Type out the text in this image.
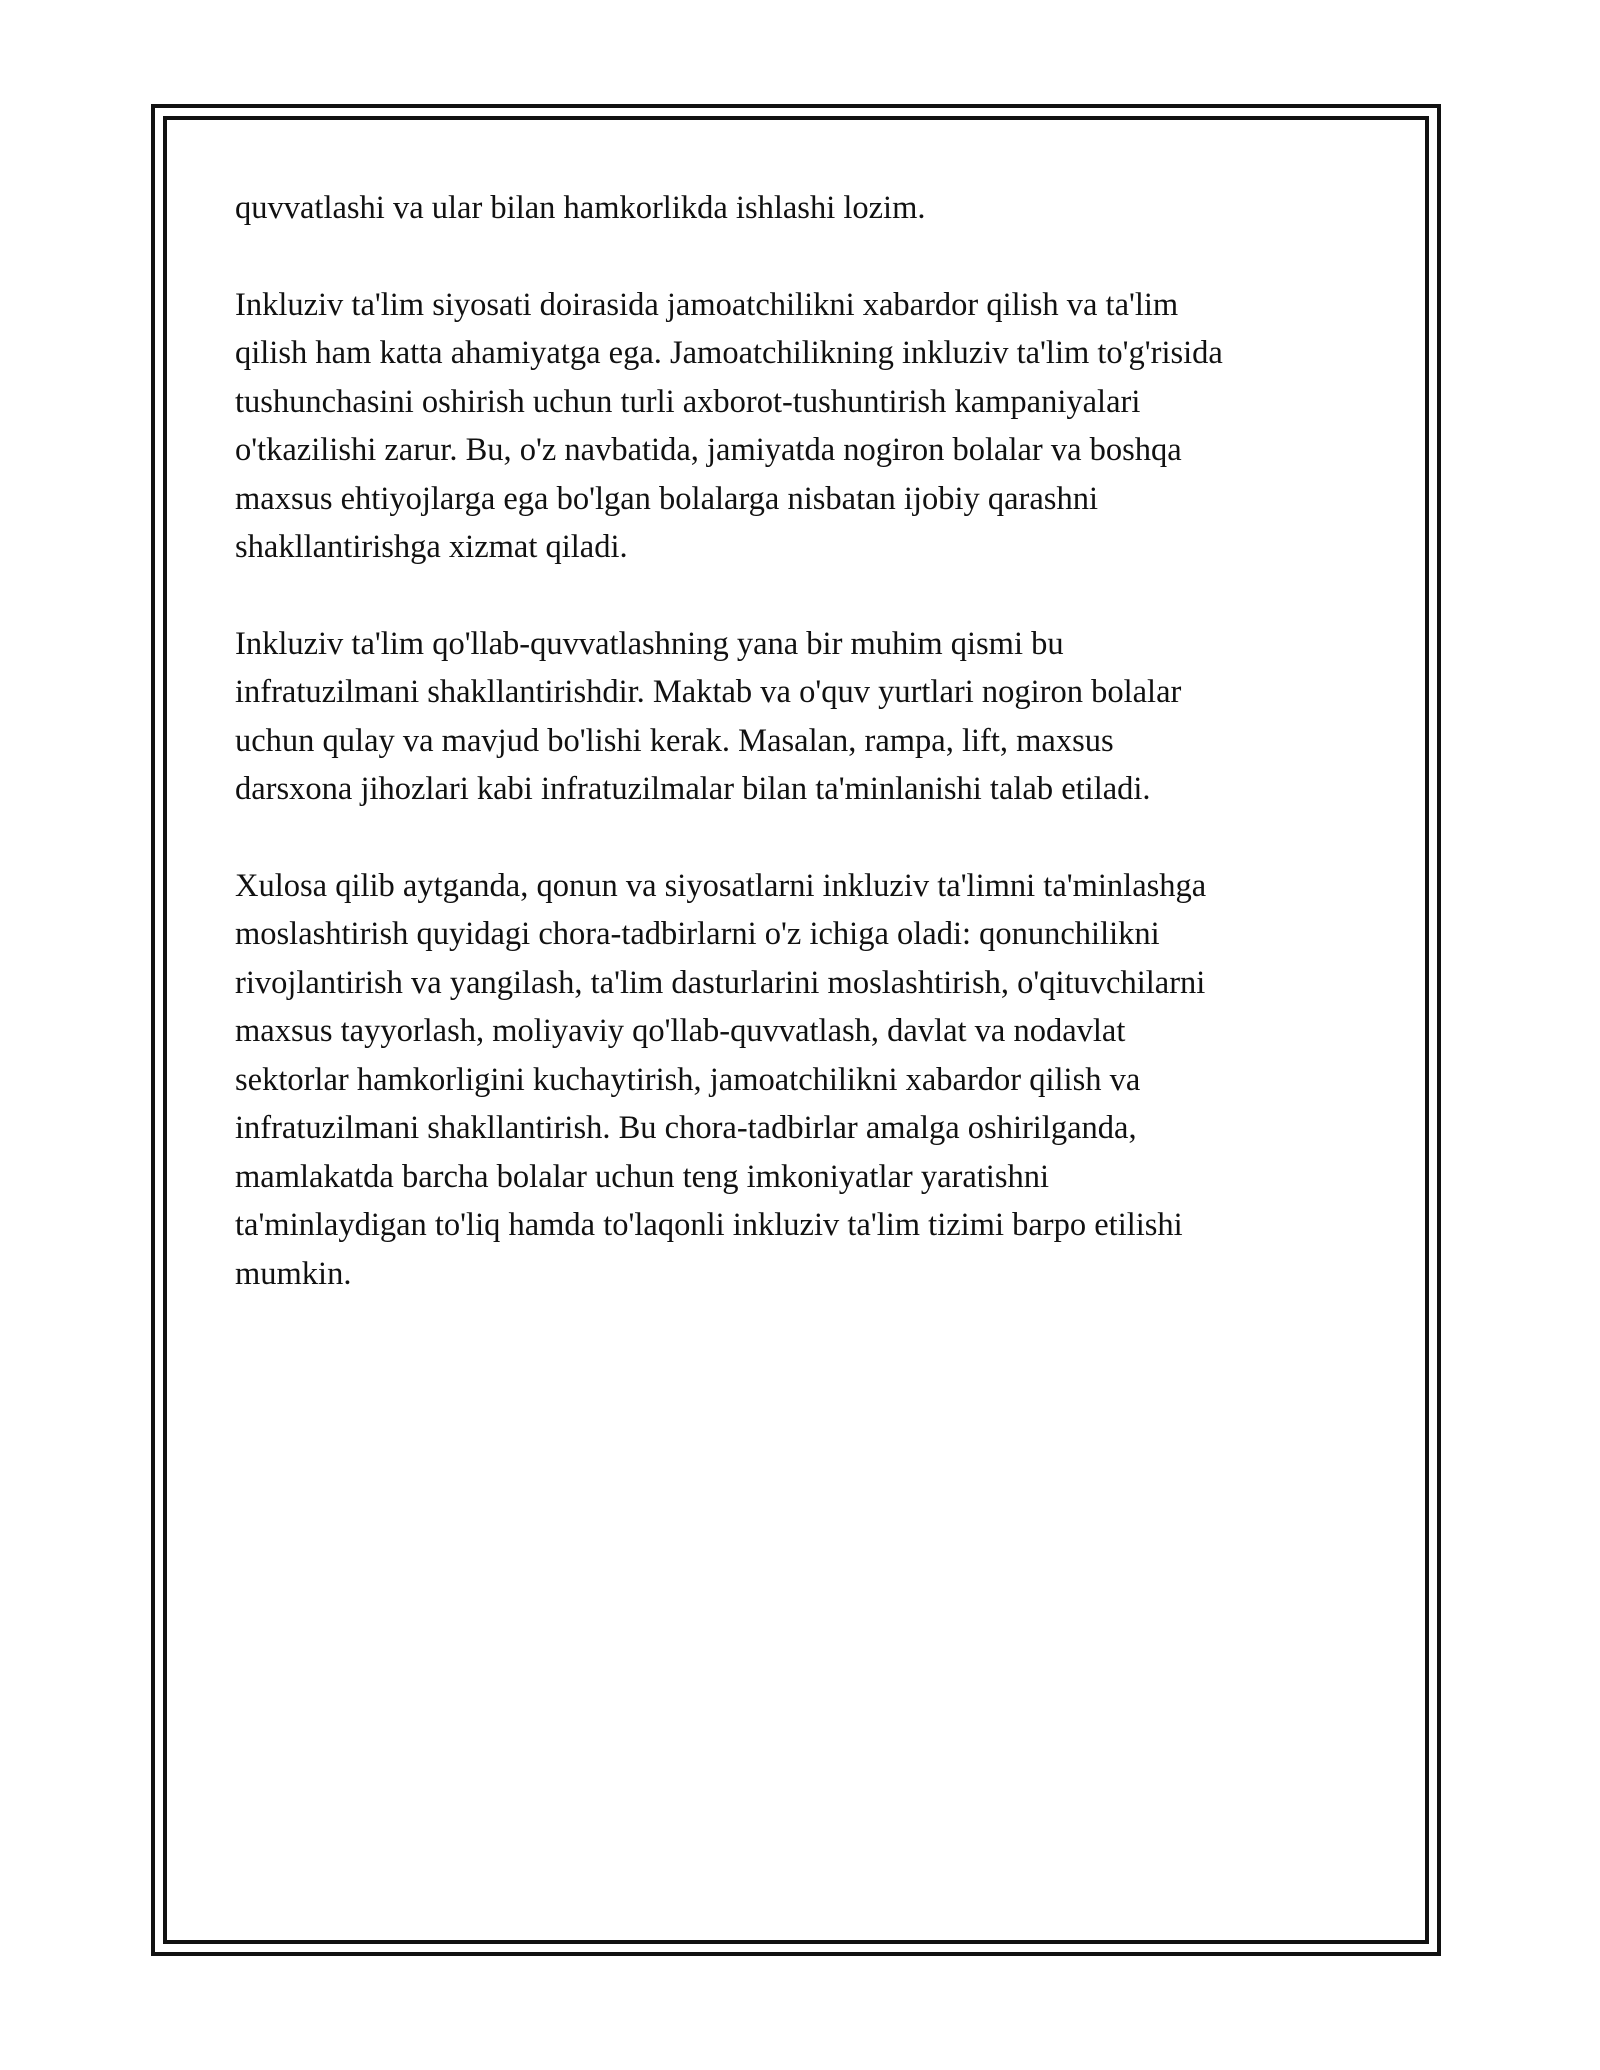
quvvatlashi va ular bilan hamkorlikda ishlashi lozim.

Inkluziv ta'lim siyosati doirasida jamoatchilikni xabardor qilish va ta'lim
qilish ham katta ahamiyatga ega. Jamoatchilikning inkluziv ta'lim to'g'risida
tushunchasini oshirish uchun turli axborot-tushuntirish kampaniyalari
o'tkazilishi zarur. Bu, o'z navbatida, jamiyatda nogiron bolalar va boshqa
maxsus ehtiyojlarga ega bo'lgan bolalarga nisbatan ijobiy qarashni
shakllantirishga xizmat qiladi.

Inkluziv ta'lim qo'llab-quvvatlashning yana bir muhim qismi bu
infratuzilmani shakllantirishdir. Maktab va o'quv yurtlari nogiron bolalar
uchun qulay va mavjud bo'lishi kerak. Masalan, rampa, lift, maxsus
darsxona jihozlari kabi infratuzilmalar bilan ta'minlanishi talab etiladi.

Xulosa qilib aytganda, qonun va siyosatlarni inkluziv ta'limni ta'minlashga
moslashtirish quyidagi chora-tadbirlarni o'z ichiga oladi: qonunchilikni
rivojlantirish va yangilash, ta'lim dasturlarini moslashtirish, o'qituvchilarni
maxsus tayyorlash, moliyaviy qo'llab-quvvatlash, davlat va nodavlat
sektorlar hamkorligini kuchaytirish, jamoatchilikni xabardor qilish va
infratuzilmani shakllantirish. Bu chora-tadbirlar amalga oshirilganda,
mamlakatda barcha bolalar uchun teng imkoniyatlar yaratishni
ta'minlaydigan to'liq hamda to'laqonli inkluziv ta'lim tizimi barpo etilishi
mumkin.
